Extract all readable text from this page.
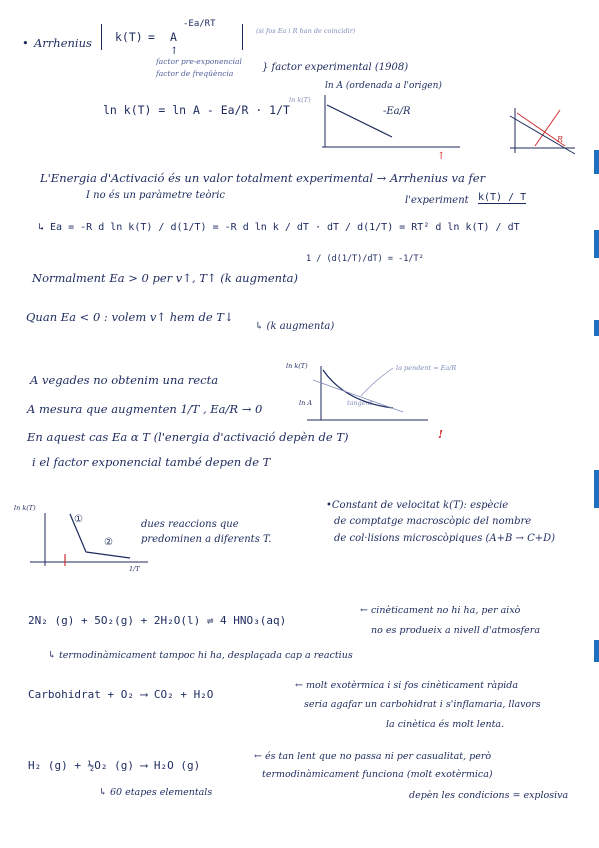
• Arrhenius k(T) = A
-Ea/RT
(si fos Ea i R han de coincidir)
↑
factor pre-exponencial
factor de freqüència
} factor experimental (1908)
ln A (ordenada a l'origen)
ln k(T) = ln A - Ea/R · 1/T
ln k(T)
-Ea/R
↑
R
L'Energia d'Activació és un valor totalment experimental → Arrhenius va fer
I no és un paràmetre teòric	l'experiment k(T) / T
↳ Ea = -R d ln k(T) / d(1/T) = -R d ln k / dT · dT / d(1/T) = RT² d ln k(T) / dT
1 / (d(1/T)/dT) = -1/T²
Normalment Ea > 0 per v↑, T↑ (k augmenta)
Quan Ea < 0 : volem v↑ hem de T↓
↳ (k augmenta)
A vegades no obtenim una recta
A mesura que augmenten 1/T , Ea/R → 0
En aquest cas Ea α T (l'energia d'activació depèn de T)	!
i el factor exponencial també depen de T
ln k(T)
ln A
la pendent = Ea/R
tangent
ln k(T)
1/T
①
②
dues reaccions que
predominen a diferents T.
•Constant de velocitat k(T): espècie
de comptatge macroscòpic del nombre
de col·lisions microscòpiques (A+B → C+D)
2N₂ (g) + 5O₂(g) + 2H₂O(l) ⇌ 4 HNO₃(aq)
← cinèticament no hi ha, per això
no es produeix a nivell d'atmosfera
↳ termodinàmicament tampoc hi ha, desplaçada cap a reactius
Carbohidrat + O₂ ⟶ CO₂ + H₂O
← molt exotèrmica i si fos cinèticament ràpida
seria agafar un carbohidrat i s'inflamaria, llavors
la cinètica és molt lenta.
H₂ (g) + ½O₂ (g) ⟶ H₂O (g)
← és tan lent que no passa ni per casualitat, però
termodinàmicament funciona (molt exotèrmica)
depèn les condicions = explosiva
↳ 60 etapes elementals
